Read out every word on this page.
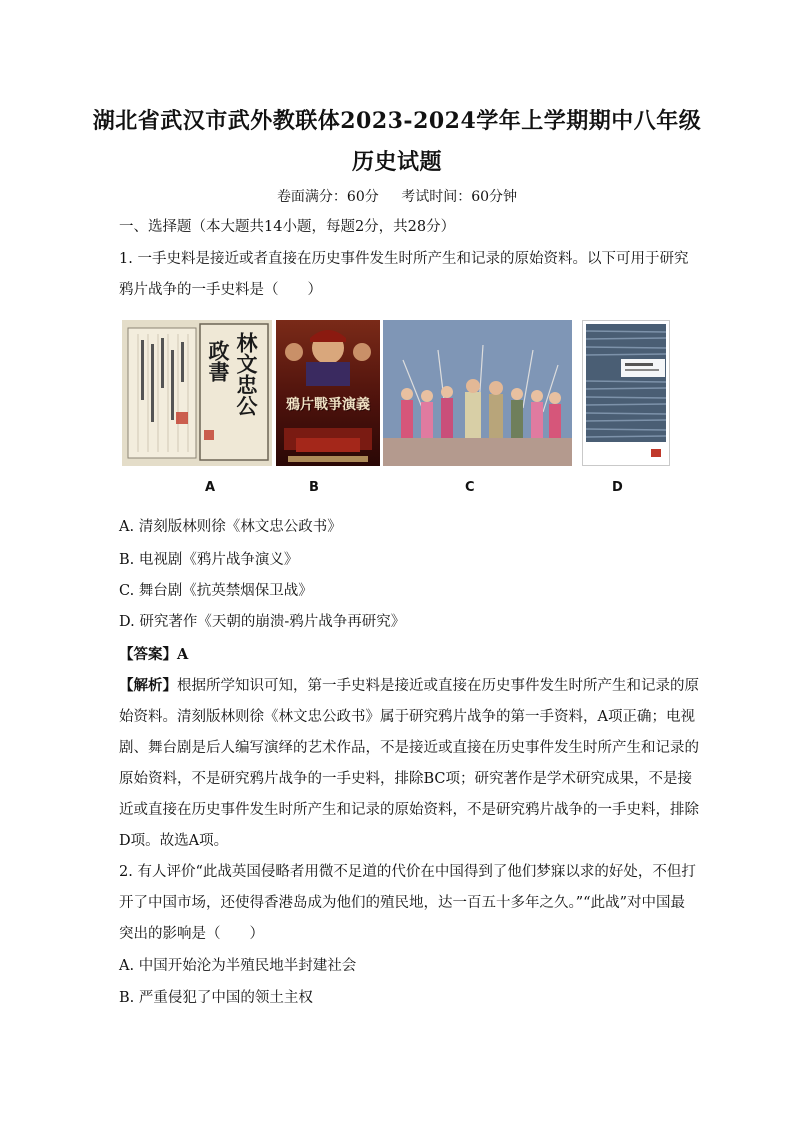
湖北省武汉市武外教联体2023-2024学年上学期期中八年级
历史试题
卷面满分：60分 考试时间：60分钟
一、选择题（本大题共14小题，每题2分，共28分）
1. 一手史料是接近或者直接在历史事件发生时所产生和记录的原始资料。以下可用于研究
鸦片战争的一手史料是（　　）
林文忠公
政書
鴉片戰爭演義
A	B	C	D
A. 清刻版林则徐《林文忠公政书》
B. 电视剧《鸦片战争演义》
C. 舞台剧《抗英禁烟保卫战》
D. 研究著作《天朝的崩溃-鸦片战争再研究》
【答案】A
【解析】根据所学知识可知，第一手史料是接近或直接在历史事件发生时所产生和记录的原
始资料。清刻版林则徐《林文忠公政书》属于研究鸦片战争的第一手资料，A项正确；电视
剧、舞台剧是后人编写演绎的艺术作品，不是接近或直接在历史事件发生时所产生和记录的
原始资料，不是研究鸦片战争的一手史料，排除BC项；研究著作是学术研究成果，不是接
近或直接在历史事件发生时所产生和记录的原始资料，不是研究鸦片战争的一手史料，排除
D项。故选A项。
2. 有人评价“此战英国侵略者用微不足道的代价在中国得到了他们梦寐以求的好处，不但打
开了中国市场，还使得香港岛成为他们的殖民地，达一百五十多年之久。”“此战”对中国最
突出的影响是（　　）
A. 中国开始沦为半殖民地半封建社会
B. 严重侵犯了中国的领土主权
